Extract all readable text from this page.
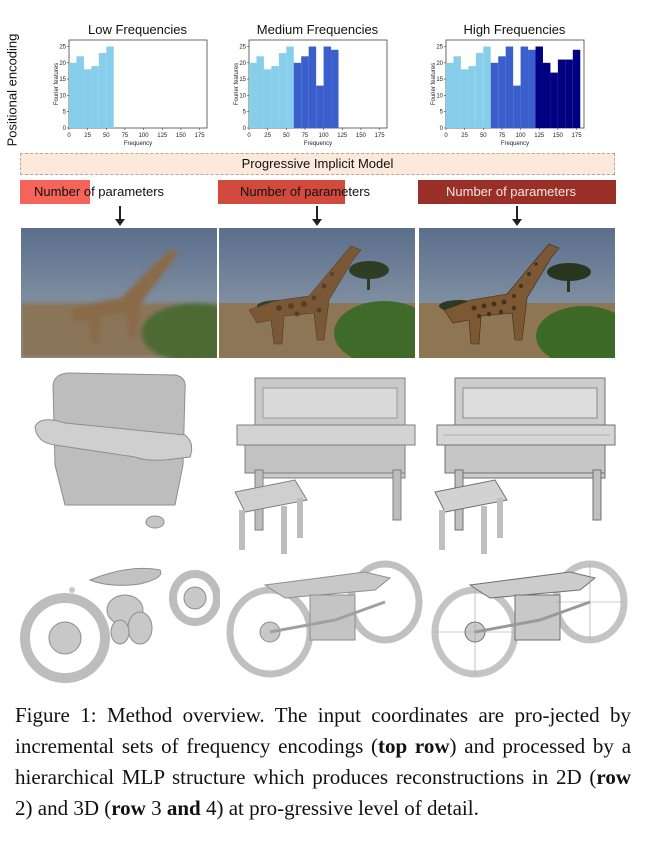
Positional encoding
Low Frequencies
0 25 50 75 100 125 150 175
0
5
10
15
20
25
Frequency
Fourier features
Medium Frequencies
0 25 50 75 100 125 150 175
0
5
10
15
20
25
Frequency
Fourier features
High Frequencies
0 25 50 75 100 125 150 175
0
5
10
15
20
25
Frequency
Fourier features
Progressive Implicit Model
Number of parameters	Number of parameters	Number of parameters
Figure 1: Method overview. The input coordinates are pro-jected by incremental sets of frequency encodings (top row) and processed by a hierarchical MLP structure which produces reconstructions in 2D (row 2) and 3D (row 3 and 4) at pro-gressive level of detail.
